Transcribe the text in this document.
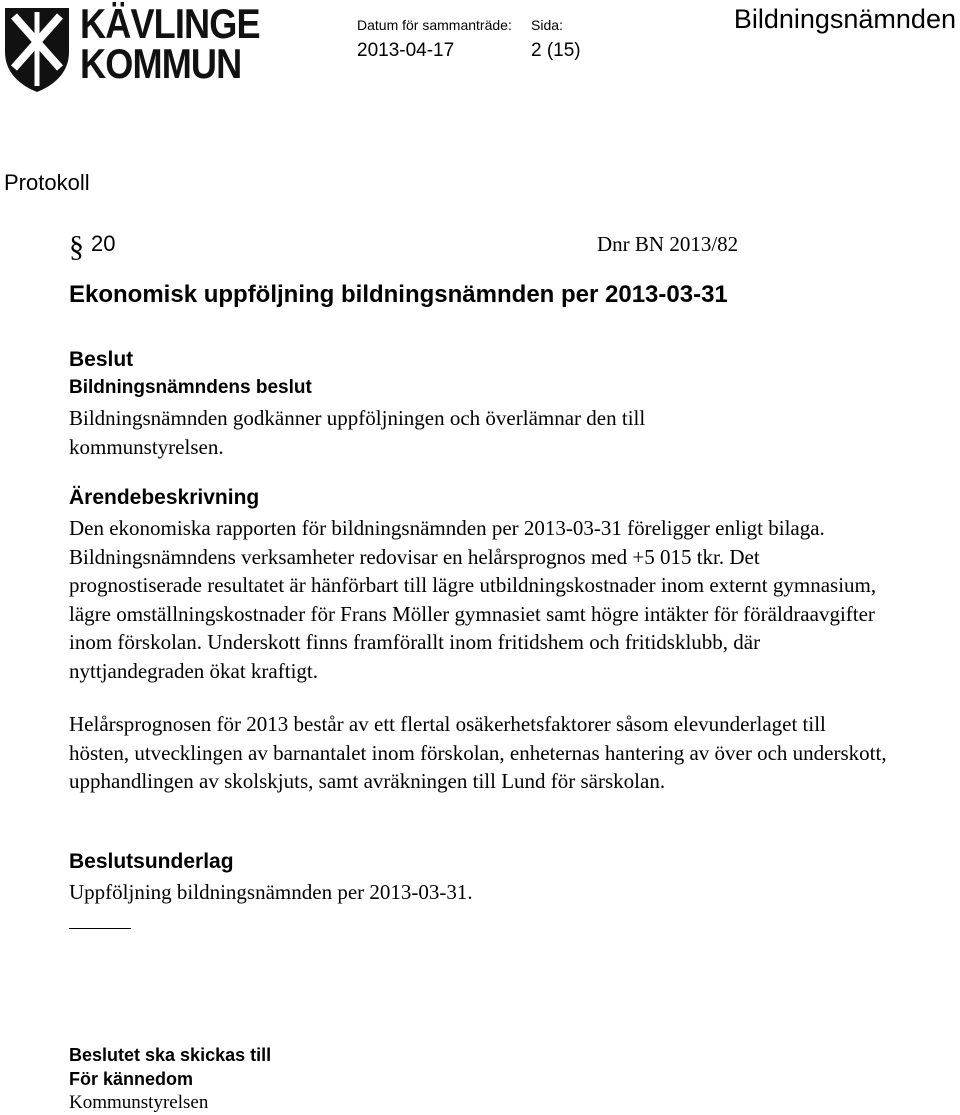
KÄVLINGE
KOMMUN
Datum för sammanträde: Sida:
2013-04-17	2 (15)
Bildningsnämnden
Protokoll
§ 20	Dnr BN 2013/82
Ekonomisk uppföljning bildningsnämnden per 2013-03-31
Beslut
Bildningsnämndens beslut

Bildningsnämnden godkänner uppföljningen och överlämnar den till kommunstyrelsen.

Ärendebeskrivning

Den ekonomiska rapporten för bildningsnämnden per 2013-03-31 föreligger enligt bilaga. Bildningsnämndens verksamheter redovisar en helårsprognos med +5 015 tkr. Det prognostiserade resultatet är hänförbart till lägre utbildningskostnader inom externt gymnasium, lägre omställningskostnader för Frans Möller gymnasiet samt högre intäkter för föräldraavgifter inom förskolan. Underskott finns framförallt inom fritidshem och fritidsklubb, där nyttjandegraden ökat kraftigt.

Helårsprognosen för 2013 består av ett flertal osäkerhetsfaktorer såsom elevunderlaget till hösten, utvecklingen av barnantalet inom förskolan, enheternas hantering av över och underskott, upphandlingen av skolskjuts, samt avräkningen till Lund för särskolan.

Beslutsunderlag

Uppföljning bildningsnämnden per 2013-03-31.

Beslutet ska skickas till
För kännedom
Kommunstyrelsen
